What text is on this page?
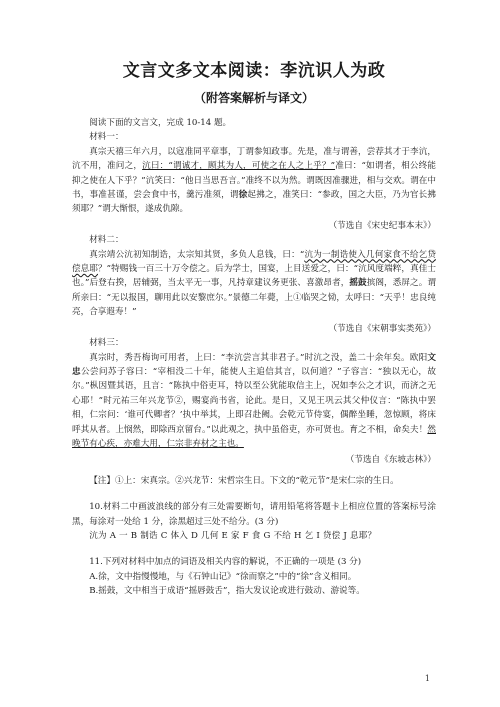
文言文多文本阅读：李沆识人为政
（附答案解析与译文）

阅读下面的文言文，完成 10-14 题。

材料一：

真宗天禧三年六月，以寇准同平章事，丁谓参知政事。先是，准与谓善，尝荐其才于李沆，沆不用，准问之，沆曰：“谓诚才，顾其为人，可使之在人之上乎？”准曰：“如谓者，相公终能抑之使在人下乎？”沆笑曰：“他日当思吾言。”准终不以为然。谓既因准骤进，相与交欢。谓在中书，事准甚谨，尝会食中书，羹污准须，谓徐起拂之，准笑曰：“参政，国之大臣，乃为官长拂须耶？”谓大惭恨，遂成仇隙。

（节选自《宋史纪事本末》）

材料二：

真宗靖公沆初知制诰，太宗知其贤，多负人息钱，曰：“沆为一制诰使入几何家食不给乞贷偿息耶？”特赐钱一百三十万令偿之。后为学士，国宴，上目送爱之，曰：“沆风度端粹，真佳士也。”后登右揆，居辅弼，当太平无一事，凡持章建议务更张、喜激昂者，摇鼓摈阁，悉屏之。谓所亲曰：“无以报国，聊用此以安黎庶尔。”景德二年薨，上①临哭之恸，太呼曰：“天乎！忠良纯亮，合享遐寿！”

（节选自《宋朝事实类苑》）

材料三：

真宗时，秀吾梅询可用者，上曰：“李沆尝言其非君子。”时沆之没，盖二十余年矣。欧阳文忠公尝问苏子容曰：“宰相没二十年，能使人主追信其言，以何道？”子容言：“独以无心，故尔。”枞因暨其语，且言：“陈执中俗吏耳，特以至公犹能取信主上，况如李公之才识，而济之无心耶！”时元祐三年兴龙节②，赐宴尚书省，论此。是日，又见王巩云其父仲仪言：“陈执中罢相，仁宗问：‘谁可代卿者？’执中举其，上即召赴阙。会乾元节侍宴，偶醉坐睡，忽惊顾，将床呼其从者。上悯然，即除西京留台。”以此观之，执中虽俗吏，亦可贤也。育之不相，命矣夫！然晚节有心疾，亦难大用，仁宗非弃材之主也。

（节选自《东坡志林》）

【注】①上：宋真宗。②兴龙节：宋哲宗生日。下文的“乾元节”是宋仁宗的生日。

10.材料二中画波浪线的部分有三处需要断句，请用铅笔将答题卡上相应位置的答案标号涂黑，每涂对一处给 1 分，涂黑超过三处不给分。(3 分)

沆为 A 一 B 制诰 C 体入 D 几何 E 家 F 食 G 不给 H 乞 I 贷偿 J 息耶？

11.下列对材料中加点的词语及相关内容的解说，不正确的一项是 (3 分)

A.徐，文中指慢慢地，与《石钟山记》“徐而察之”中的“徐”含义相同。

B.摇鼓，文中相当于成语“摇唇鼓舌”，指大发议论或进行鼓动、游说等。

1
